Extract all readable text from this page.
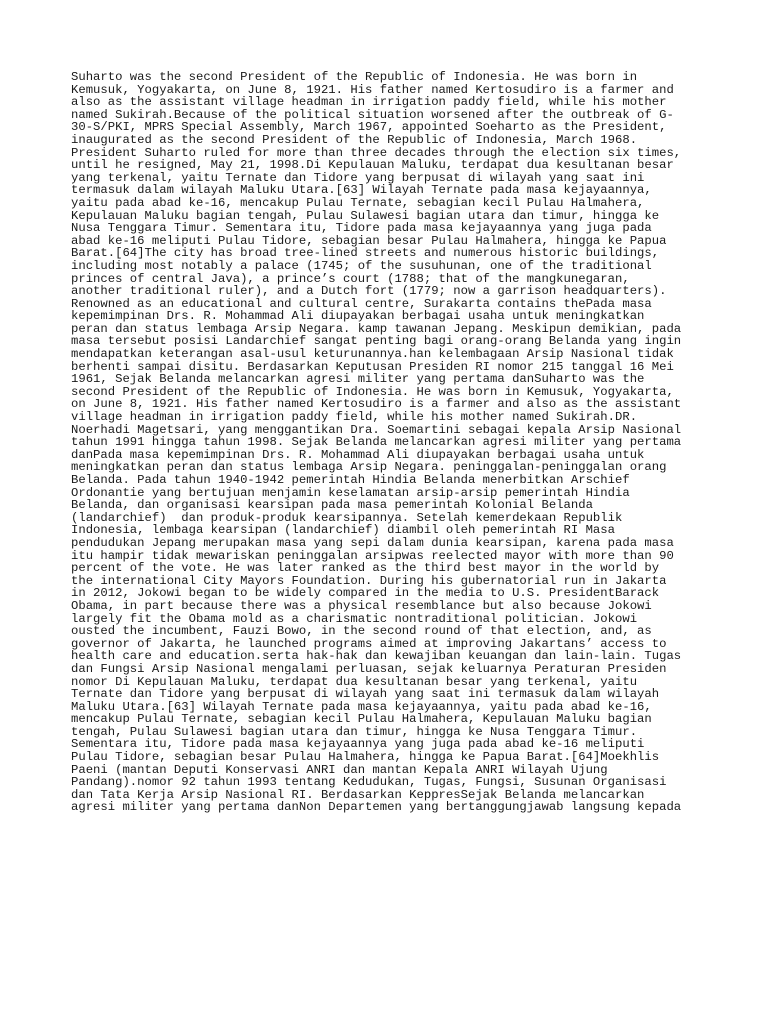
Suharto was the second President of the Republic of Indonesia. He was born in
Kemusuk, Yogyakarta, on June 8, 1921. His father named Kertosudiro is a farmer and
also as the assistant village headman in irrigation paddy field, while his mother
named Sukirah.Because of the political situation worsened after the outbreak of G-
30-S/PKI, MPRS Special Assembly, March 1967, appointed Soeharto as the President,
inaugurated as the second President of the Republic of Indonesia, March 1968.
President Suharto ruled for more than three decades through the election six times,
until he resigned, May 21, 1998.Di Kepulauan Maluku, terdapat dua kesultanan besar
yang terkenal, yaitu Ternate dan Tidore yang berpusat di wilayah yang saat ini
termasuk dalam wilayah Maluku Utara.[63] Wilayah Ternate pada masa kejayaannya,
yaitu pada abad ke-16, mencakup Pulau Ternate, sebagian kecil Pulau Halmahera,
Kepulauan Maluku bagian tengah, Pulau Sulawesi bagian utara dan timur, hingga ke
Nusa Tenggara Timur. Sementara itu, Tidore pada masa kejayaannya yang juga pada
abad ke-16 meliputi Pulau Tidore, sebagian besar Pulau Halmahera, hingga ke Papua
Barat.[64]The city has broad tree-lined streets and numerous historic buildings,
including most notably a palace (1745; of the susuhunan, one of the traditional
princes of central Java), a prince’s court (1788; that of the mangkunegaran,
another traditional ruler), and a Dutch fort (1779; now a garrison headquarters).
Renowned as an educational and cultural centre, Surakarta contains thePada masa
kepemimpinan Drs. R. Mohammad Ali diupayakan berbagai usaha untuk meningkatkan
peran dan status lembaga Arsip Negara. kamp tawanan Jepang. Meskipun demikian, pada
masa tersebut posisi Landarchief sangat penting bagi orang-orang Belanda yang ingin
mendapatkan keterangan asal-usul keturunannya.han kelembagaan Arsip Nasional tidak
berhenti sampai disitu. Berdasarkan Keputusan Presiden RI nomor 215 tanggal 16 Mei
1961, Sejak Belanda melancarkan agresi militer yang pertama danSuharto was the
second President of the Republic of Indonesia. He was born in Kemusuk, Yogyakarta,
on June 8, 1921. His father named Kertosudiro is a farmer and also as the assistant
village headman in irrigation paddy field, while his mother named Sukirah.DR.
Noerhadi Magetsari, yang menggantikan Dra. Soemartini sebagai kepala Arsip Nasional
tahun 1991 hingga tahun 1998. Sejak Belanda melancarkan agresi militer yang pertama
danPada masa kepemimpinan Drs. R. Mohammad Ali diupayakan berbagai usaha untuk
meningkatkan peran dan status lembaga Arsip Negara. peninggalan-peninggalan orang
Belanda. Pada tahun 1940-1942 pemerintah Hindia Belanda menerbitkan Arschief
Ordonantie yang bertujuan menjamin keselamatan arsip-arsip pemerintah Hindia
Belanda, dan organisasi kearsipan pada masa pemerintah Kolonial Belanda
(landarchief)  dan produk-produk kearsipannya. Setelah kemerdekaan Republik
Indonesia, lembaga kearsipan (landarchief) diambil oleh pemerintah RI Masa
pendudukan Jepang merupakan masa yang sepi dalam dunia kearsipan, karena pada masa
itu hampir tidak mewariskan peninggalan arsipwas reelected mayor with more than 90
percent of the vote. He was later ranked as the third best mayor in the world by
the international City Mayors Foundation. During his gubernatorial run in Jakarta
in 2012, Jokowi began to be widely compared in the media to U.S. PresidentBarack
Obama, in part because there was a physical resemblance but also because Jokowi
largely fit the Obama mold as a charismatic nontraditional politician. Jokowi
ousted the incumbent, Fauzi Bowo, in the second round of that election, and, as
governor of Jakarta, he launched programs aimed at improving Jakartans’ access to
health care and education.serta hak-hak dan kewajiban keuangan dan lain-lain. Tugas
dan Fungsi Arsip Nasional mengalami perluasan, sejak keluarnya Peraturan Presiden
nomor Di Kepulauan Maluku, terdapat dua kesultanan besar yang terkenal, yaitu
Ternate dan Tidore yang berpusat di wilayah yang saat ini termasuk dalam wilayah
Maluku Utara.[63] Wilayah Ternate pada masa kejayaannya, yaitu pada abad ke-16,
mencakup Pulau Ternate, sebagian kecil Pulau Halmahera, Kepulauan Maluku bagian
tengah, Pulau Sulawesi bagian utara dan timur, hingga ke Nusa Tenggara Timur.
Sementara itu, Tidore pada masa kejayaannya yang juga pada abad ke-16 meliputi
Pulau Tidore, sebagian besar Pulau Halmahera, hingga ke Papua Barat.[64]Moekhlis
Paeni (mantan Deputi Konservasi ANRI dan mantan Kepala ANRI Wilayah Ujung
Pandang).nomor 92 tahun 1993 tentang Kedudukan, Tugas, Fungsi, Susunan Organisasi
dan Tata Kerja Arsip Nasional RI. Berdasarkan KeppresSejak Belanda melancarkan
agresi militer yang pertama danNon Departemen yang bertanggungjawab langsung kepada
